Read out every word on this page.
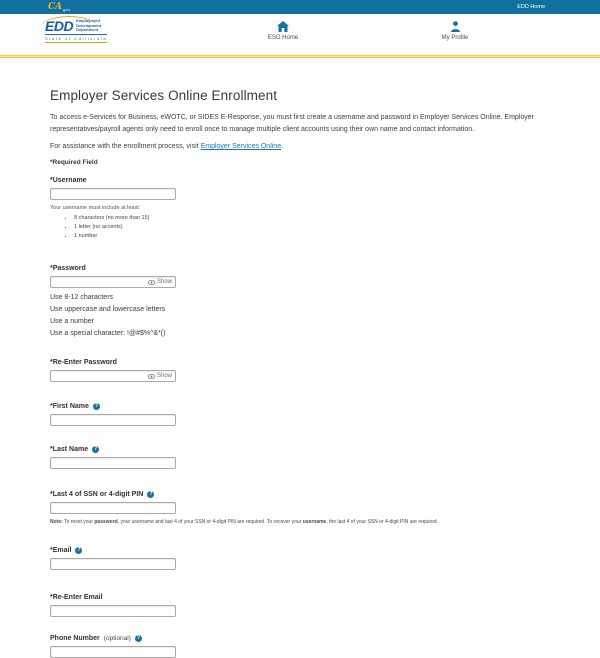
CA gov	EDD Home
EDD Employment
Development
Department
State of California	ESO Home	My Profile
Employer Services Online Enrollment

To access e-Services for Business, eWOTC, or SIDES E-Response, you must first create a username and password in Employer Services Online. Employer representatives/payroll agents only need to enroll once to manage multiple client accounts using their own name and contact information.

For assistance with the enrollment process, visit Employer Services Online.

*Required Field

*Username
Your username must include at least:
• 8 characters (no more than 15)
• 1 letter (no accents)
• 1 number
*Password
Show
Use 8-12 characters
Use uppercase and lowercase letters
Use a number
Use a special character: !@#$%^&*()
*Re-Enter Password
Show
*First Name	?
*Last Name	?
*Last 4 of SSN or 4-digit PIN	?

Note: To reset your password, your username and last 4 of your SSN or 4-digit PIN are required. To recover your username, the last 4 of your SSN or 4-digit PIN are required.

*Email	?
*Re-Enter Email
Phone Number (optional)	?
